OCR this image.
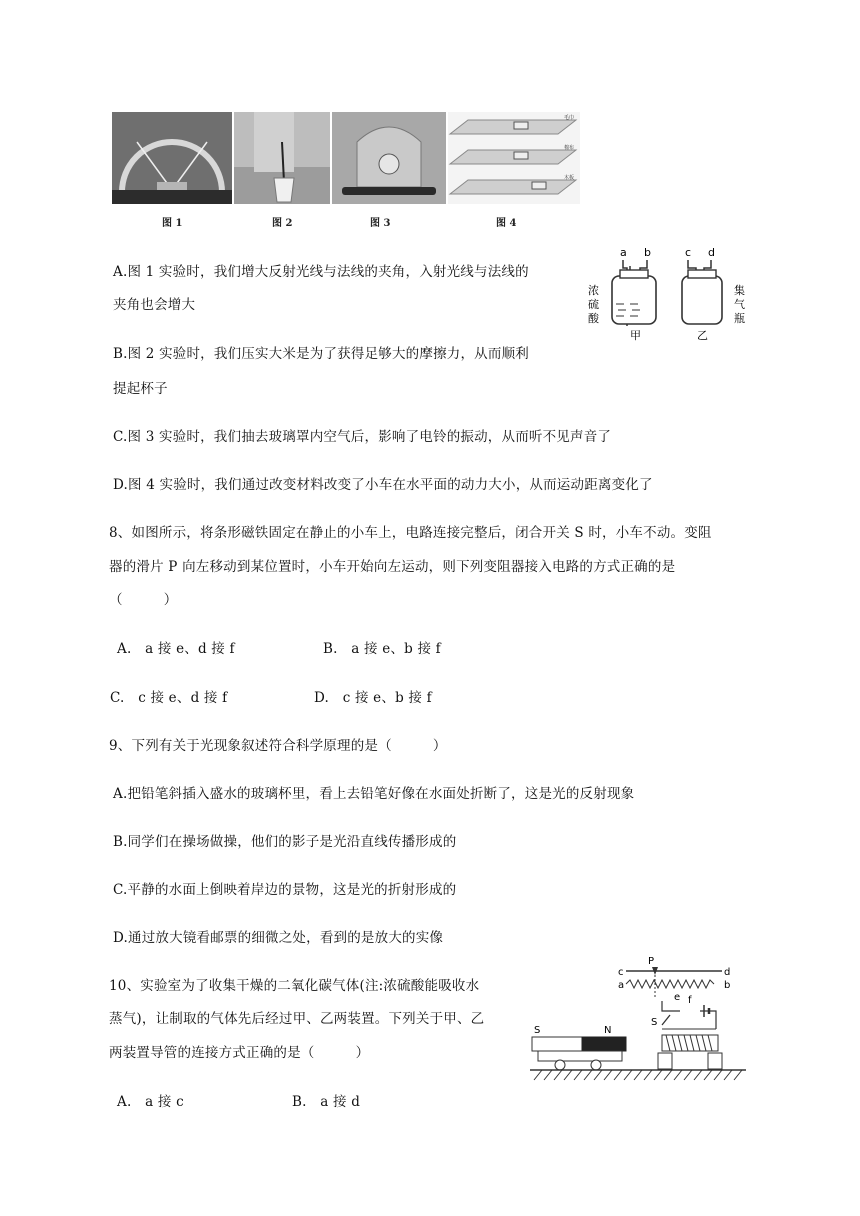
毛巾
棉布
木板
图 1	图 2	图 3	图 4
a b
浓
硫
酸
甲
c d
集
气
瓶
乙
A.图 1 实验时，我们增大反射光线与法线的夹角，入射光线与法线的
夹角也会增大
B.图 2 实验时，我们压实大米是为了获得足够大的摩擦力，从而顺利
提起杯子
C.图 3 实验时，我们抽去玻璃罩内空气后，影响了电铃的振动，从而听不见声音了
D.图 4 实验时，我们通过改变材料改变了小车在水平面的动力大小，从而运动距离变化了
8、如图所示，将条形磁铁固定在静止的小车上，电路连接完整后，闭合开关 S 时，小车不动。变阻
器的滑片 P 向左移动到某位置时，小车开始向左运动，则下列变阻器接入电路的方式正确的是
（　　　）
A.　a 接 e、d 接 f	B.　a 接 e、b 接 f
C.　c 接 e、d 接 f	D.　c 接 e、b 接 f
9、下列有关于光现象叙述符合科学原理的是（　　　）
A.把铅笔斜插入盛水的玻璃杯里，看上去铅笔好像在水面处折断了，这是光的反射现象
B.同学们在操场做操，他们的影子是光沿直线传播形成的
C.平静的水面上倒映着岸边的景物，这是光的折射形成的
D.通过放大镜看邮票的细微之处，看到的是放大的实像
10、实验室为了收集干燥的二氧化碳气体(注:浓硫酸能吸收水
蒸气)，让制取的气体先后经过甲、乙两装置。下列关于甲、乙
两装置导管的连接方式正确的是（　　　）
A.　a 接 c	B.　a 接 d
P
c	d
a	b
e f
S
S	N
